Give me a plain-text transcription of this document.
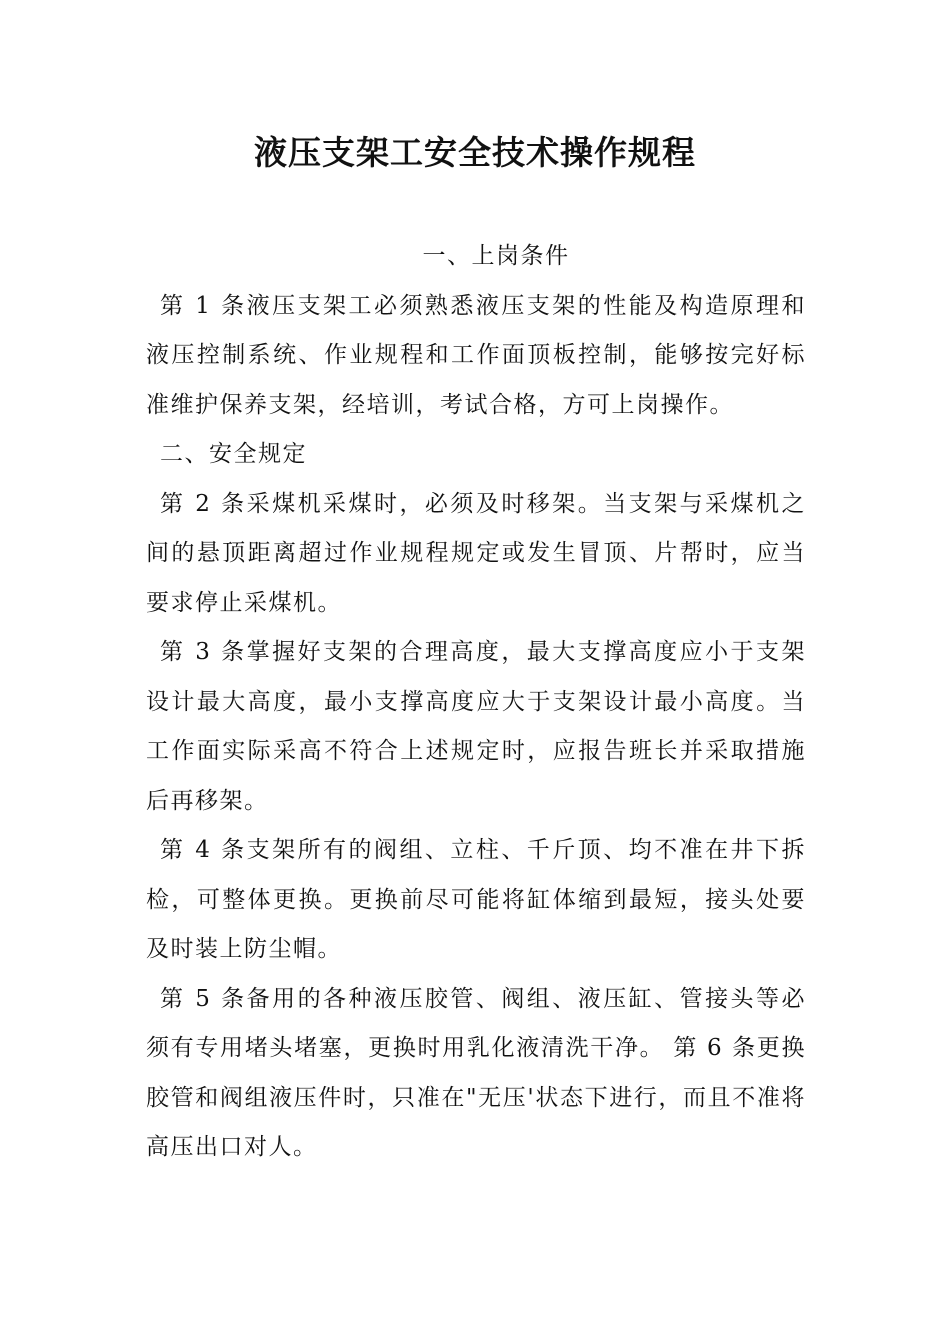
液压支架工安全技术操作规程

一、上岗条件

第 1 条液压支架工必须熟悉液压支架的性能及构造原理和液压控制系统、作业规程和工作面顶板控制，能够按完好标准维护保养支架，经培训，考试合格，方可上岗操作。

二、安全规定

第 2 条采煤机采煤时，必须及时移架。当支架与采煤机之间的悬顶距离超过作业规程规定或发生冒顶、片帮时，应当要求停止采煤机。

第 3 条掌握好支架的合理高度，最大支撑高度应小于支架设计最大高度，最小支撑高度应大于支架设计最小高度。当工作面实际采高不符合上述规定时，应报告班长并采取措施后再移架。

第 4 条支架所有的阀组、立柱、千斤顶、均不准在井下拆检，可整体更换。更换前尽可能将缸体缩到最短，接头处要及时装上防尘帽。

第 5 条备用的各种液压胶管、阀组、液压缸、管接头等必须有专用堵头堵塞，更换时用乳化液清洗干净。 第 6 条更换胶管和阀组液压件时，只准在"无压'状态下进行，而且不准将高压出口对人。
